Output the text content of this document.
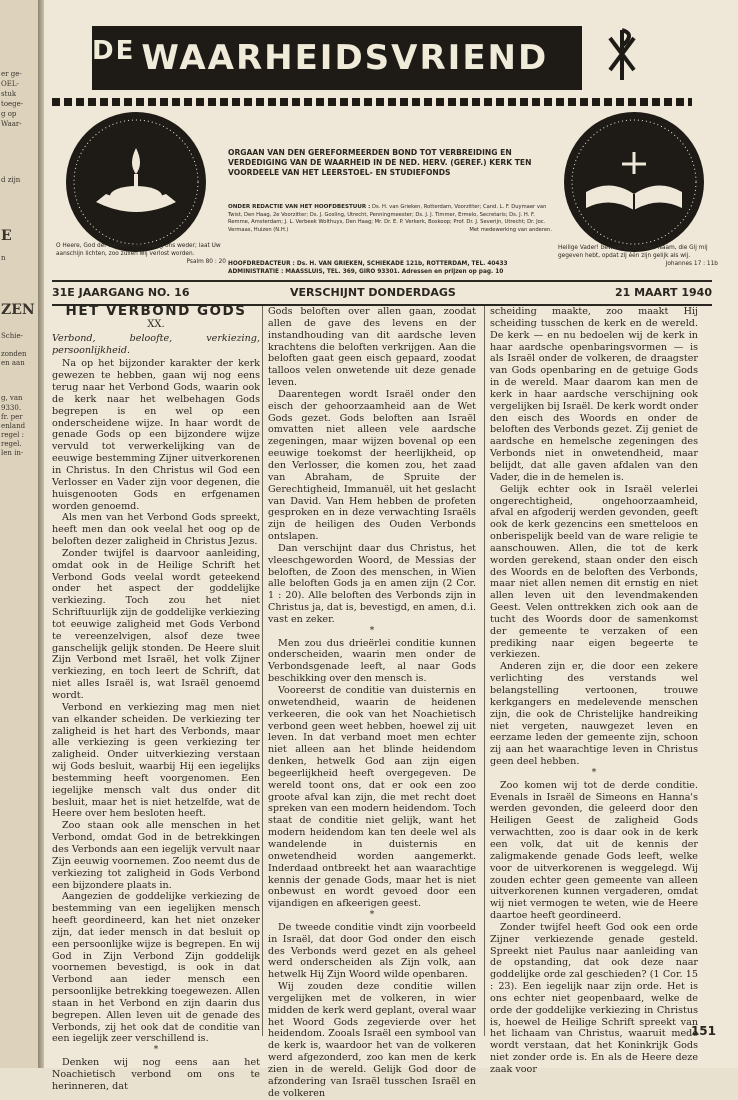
er ge-
OEL-
stuk
toege-
g op
Waar-
d zijn
E
n
ZEN
Schie-
zonden
en aan
g, van
9330.
fr. per
enland
regel :
regel.
len in-
$^{DE}$ WAARHEIDSVRIEND
O Heere, God der heirscharen, breng ons weder; laat Uw aanschijn lichten, zoo zullen wij verlost worden.
Psalm 80 : 20
Heilige Vader! bewaar ze in Uwen Naam, die Gij mij gegeven hebt, opdat zij één zijn gelijk als wij.
Johannes 17 : 11b
ORGAAN VAN DEN GEREFORMEERDEN BOND TOT VERBREIDING EN VERDEDIGING VAN DE WAARHEID IN DE NED. HERV. (GEREF.) KERK TEN VOORDEELE VAN HET LEERSTOEL- EN STUDIEFONDS
ONDER REDACTIE VAN HET HOOFDBESTUUR : Ds. H. van Grieken, Rotterdam, Voorzitter; Cand. L. F. Duymaer van Twist, Den Haag, 2e Voorzitter; Ds. J. Gosling, Utrecht, Penningmeester; Ds. J. J. Timmer, Ermelo, Secretaris; Ds. J. H. F. Remme, Amsterdam; J. L. Verbeek Wolthuys, Den Haag; Mr. Dr. E. P. Verkerk, Boskoop; Prof. Dr. J. Severijn, Utrecht; Dr. Joc. Vermaas, Huizen (N.H.)	Met medewerking van anderen.
HOOFDREDACTEUR : Ds. H. VAN GRIEKEN, SCHIEKADE 121b, ROTTERDAM, TEL. 40433
ADMINISTRATIE : MAASSLUIS, TEL. 369, GIRO 93301. Adressen en prijzen op pag. 10
31E JAARGANG NO. 16	VERSCHIJNT DONDERDAGS	21 MAART 1940
HET VERBOND GODS
XX.

Verbond, beloofte, verkiezing, persoonlijkheid.

Na op het bijzonder karakter der kerk gewezen te hebben, gaan wij nog eens terug naar het Verbond Gods, waarin ook de kerk naar het welbehagen Gods begrepen is en wel op een onderscheidene wijze. In haar wordt de genade Gods op een bijzondere wijze vervuld tot verwerkelijking van de eeuwige bestemming Zijner uitverkorenen in Christus. In den Christus wil God een Verlosser en Vader zijn voor degenen, die huisgenooten Gods en erfgenamen worden genoemd.

Als men van het Verbond Gods spreekt, heeft men dan ook veelal het oog op de beloften dezer zaligheid in Christus Jezus.

Zonder twijfel is daarvoor aanleiding, omdat ook in de Heilige Schrift het Verbond Gods veelal wordt geteekend onder het aspect der goddelijke verkiezing. Toch zou het niet Schriftuurlijk zijn de goddelijke verkiezing tot eeuwige zaligheid met Gods Verbond te vereenzelvigen, alsof deze twee ganschelijk gelijk stonden. De Heere sluit Zijn Verbond met Israël, het volk Zijner verkiezing, en toch leert de Schrift, dat niet alles Israël is, wat Israël genoemd wordt.

Verbond en verkiezing mag men niet van elkander scheiden. De verkiezing ter zaligheid is het hart des Verbonds, maar alle verkiezing is geen verkiezing ter zaligheid. Onder uitverkiezing verstaan wij Gods besluit, waarbij Hij een iegelijks bestemming heeft voorgenomen. Een iegelijke mensch valt dus onder dit besluit, maar het is niet hetzelfde, wat de Heere over hem besloten heeft.

Zoo staan ook alle menschen in het Verbond, omdat God in de betrekkingen des Verbonds aan een iegelijk vervult naar Zijn eeuwig voornemen. Zoo neemt dus de verkiezing tot zaligheid in Gods Verbond een bijzondere plaats in.

Aangezien de goddelijke verkiezing de bestemming van een iegelijken mensch heeft geordineerd, kan het niet onzeker zijn, dat ieder mensch in dat besluit op een persoonlijke wijze is begrepen. En wij God in Zijn Verbond Zijn goddelijk voornemen bevestigd, is ook in dat Verbond aan ieder mensch een persoonlijke betrekking toegewezen. Allen staan in het Verbond en zijn daarin dus begrepen. Allen leven uit de genade des Verbonds, zij het ook dat de conditie van een iegelijk zeer verschillend is.

*

Denken wij nog eens aan het Noachietisch verbond om ons te herinneren, dat

Gods beloften over allen gaan, zoodat allen de gave des levens en der instandhouding van dit aardsche leven krachtens die beloften verkrijgen. Aan die beloften gaat geen eisch gepaard, zoodat talloos velen onwetende uit deze genade leven.

Daarentegen wordt Israël onder den eisch der gehoorzaamheid aan de Wet Gods gezet. Gods beloften aan Israël omvatten niet alleen vele aardsche zegeningen, maar wijzen bovenal op een eeuwige toekomst der heerlijkheid, op den Verlosser, die komen zou, het zaad van Abraham, de Spruite der Gerechtigheid, Immanuël, uit het geslacht van David. Van Hem hebben de profeten gesproken en in deze verwachting Israëls zijn de heiligen des Ouden Verbonds ontslapen.

Dan verschijnt daar dus Christus, het vleeschgeworden Woord, de Messias der beloften, de Zoon des menschen, in Wien alle beloften Gods ja en amen zijn (2 Cor. 1 : 20). Alle beloften des Verbonds zijn in Christus ja, dat is, bevestigd, en amen, d.i. vast en zeker.

*

Men zou dus drieërlei conditie kunnen onderscheiden, waarin men onder de Verbondsgenade leeft, al naar Gods beschikking over den mensch is.

Vooreerst de conditie van duisternis en onwetendheid, waarin de heidenen verkeeren, die ook van het Noachietisch verbond geen weet hebben, hoewel zij uit leven. In dat verband moet men echter niet alleen aan het blinde heidendom denken, hetwelk God aan zijn eigen begeerlijkheid heeft overgegeven. De wereld toont ons, dat er ook een zoo groote afval kan zijn, die met recht doet spreken van een modern heidendom. Toch staat de conditie niet gelijk, want het modern heidendom kan ten deele wel als wandelende in duisternis en onwetendheid worden aangemerkt. Inderdaad ontbreekt het aan waarachtige kennis der genade Gods, maar het is niet onbewust en wordt gevoed door een vijandigen en afkeerigen geest.

*

De tweede conditie vindt zijn voorbeeld in Israël, dat door God onder den eisch des Verbonds werd gezet en als geheel werd onderscheiden als Zijn volk, aan hetwelk Hij Zijn Woord wilde openbaren.

Wij zouden deze conditie willen vergelijken met de volkeren, in wier midden de kerk werd geplant, overal waar het Woord Gods zegevierde over het heidendom. Zooals Israël een symbool van de kerk is, waardoor het van de volkeren werd afgezonderd, zoo kan men de kerk zien in de wereld. Gelijk God door de afzondering van Israël tusschen Israël en de volkeren

scheiding maakte, zoo maakt Hij scheiding tusschen de kerk en de wereld. De kerk — en nu bedoelen wij de kerk in haar aardsche openbaringsvormen — is als Israël onder de volkeren, de draagster van Gods openbaring en de getuige Gods in de wereld. Maar daarom kan men de kerk in haar aardsche verschijning ook vergelijken bij Israël. De kerk wordt onder den eisch des Woords en onder de beloften des Verbonds gezet. Zij geniet de aardsche en hemelsche zegeningen des Verbonds niet in onwetendheid, maar belijdt, dat alle gaven afdalen van den Vader, die in de hemelen is.

Gelijk echter ook in Israël velerlei ongerechtigheid, ongehoorzaamheid, afval en afgoderij werden gevonden, geeft ook de kerk gezencins een smetteloos en onberispelijk beeld van de ware religie te aanschouwen. Allen, die tot de kerk worden gerekend, staan onder den eisch des Woords en de beloften des Verbonds, maar niet allen nemen dit ernstig en niet allen leven uit den levendmakenden Geest. Velen onttrekken zich ook aan de tucht des Woords door de samenkomst der gemeente te verzaken of een prediking naar eigen begeerte te verkiezen.

Anderen zijn er, die door een zekere verlichting des verstands wel belangstelling vertoonen, trouwe kerkgangers en medelevende menschen zijn, die ook de Christelijke handreiking niet vergeten, nauwgezet leven en eerzame leden der gemeente zijn, schoon zij aan het waarachtige leven in Christus geen deel hebben.

*

Zoo komen wij tot de derde conditie. Evenals in Israël de Simeons en Hanna's werden gevonden, die geleerd door den Heiligen Geest de zaligheid Gods verwachtten, zoo is daar ook in de kerk een volk, dat uit de kennis der zaligmakende genade Gods leeft, welke voor de uitverkorenen is weggelegd. Wij zouden echter geen gemeente van alleen uitverkorenen kunnen vergaderen, omdat wij niet vermogen te weten, wie de Heere daartoe heeft geordineerd.

Zonder twijfel heeft God ook een orde Zijner verkiezende genade gesteld. Spreekt niet Paulus naar aanleiding van de opstanding, dat ook deze naar goddelijke orde zal geschieden? (1 Cor. 15 : 23). Een iegelijk naar zijn orde. Het is ons echter niet geopenbaard, welke de orde der goddelijke verkiezing in Christus is, hoewel de Heilige Schrift spreekt van het lichaam van Christus, waaruit mede wordt verstaan, dat het Koninkrijk Gods niet zonder orde is. En als de Heere deze zaak voor

151
